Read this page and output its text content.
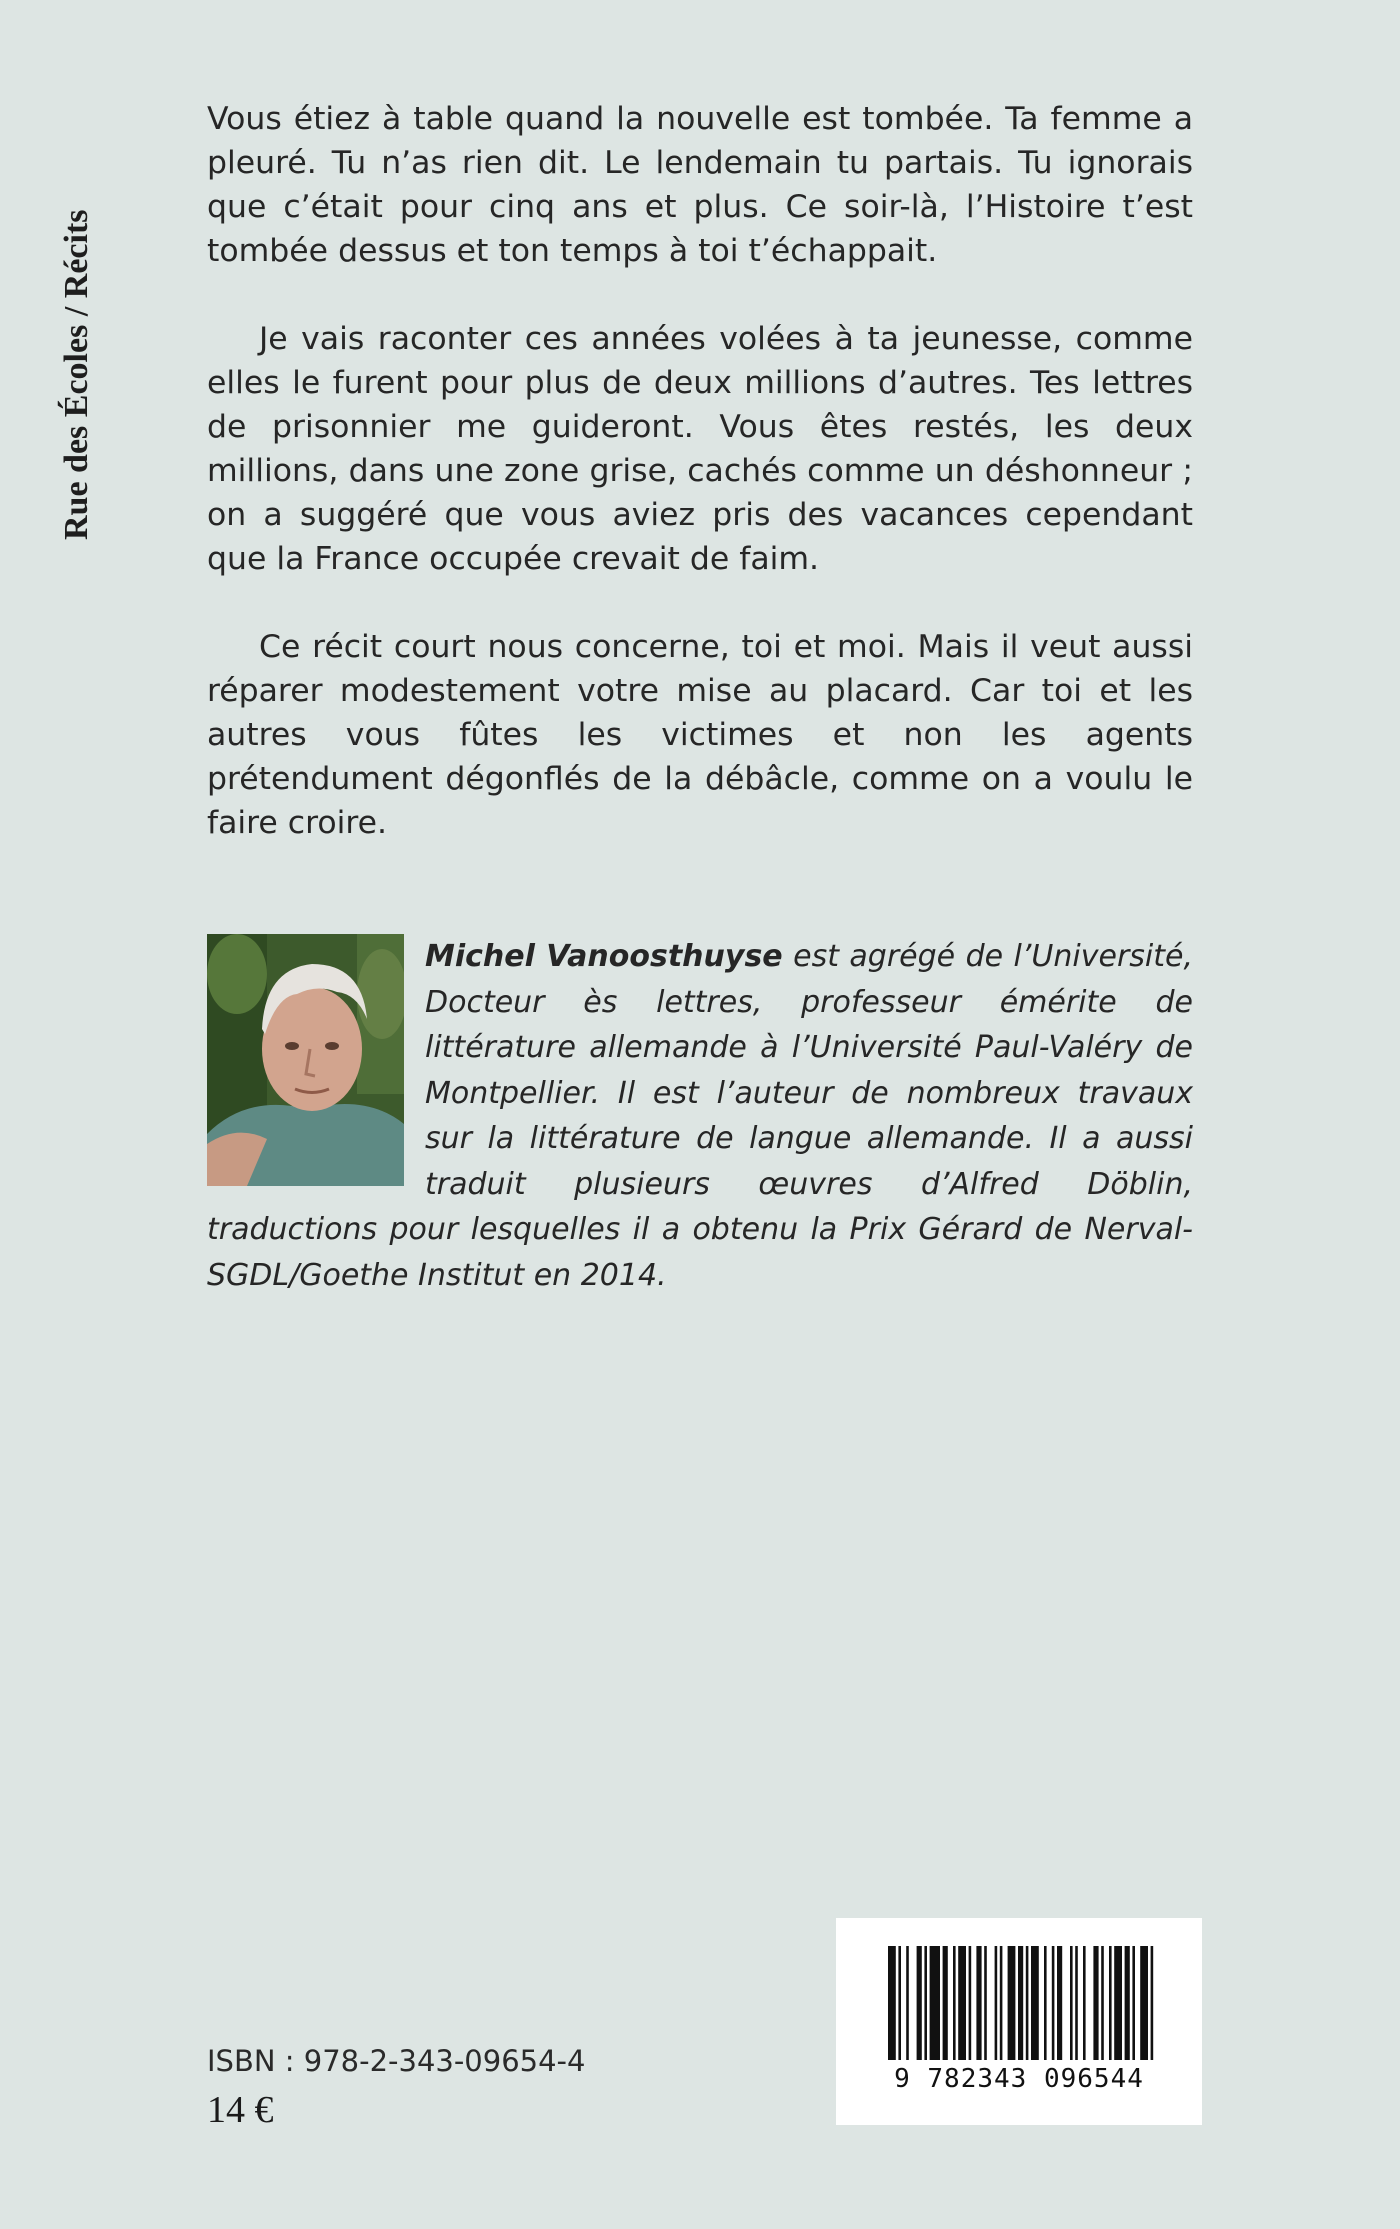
Rue des Écoles / Récits

Vous étiez à table quand la nouvelle est tombée. Ta femme a pleuré. Tu n’as rien dit. Le lendemain tu partais. Tu ignorais que c’était pour cinq ans et plus. Ce soir-là, l’Histoire t’est tombée dessus et ton temps à toi t’échappait.

Je vais raconter ces années volées à ta jeunesse, comme elles le furent pour plus de deux millions d’autres. Tes lettres de prisonnier me guideront. Vous êtes restés, les deux millions, dans une zone grise, cachés comme un déshonneur ; on a suggéré que vous aviez pris des vacances cependant que la France occupée crevait de faim.

Ce récit court nous concerne, toi et moi. Mais il veut aussi réparer modestement votre mise au placard. Car toi et les autres vous fûtes les victimes et non les agents prétendument dégonflés de la débâcle, comme on a voulu le faire croire.

Michel Vanoosthuyse est agrégé de l’Université, Docteur ès lettres, professeur émérite de littérature allemande à l’Université Paul-Valéry de Montpellier. Il est l’auteur de nombreux travaux sur la littérature de langue allemande. Il a aussi traduit plusieurs œuvres d’Alfred Döblin, traductions pour lesquelles il a obtenu la Prix Gérard de Nerval-SGDL/Goethe Institut en 2014.
ISBN : 978-2-343-09654-4
14 €
9 782343 096544
